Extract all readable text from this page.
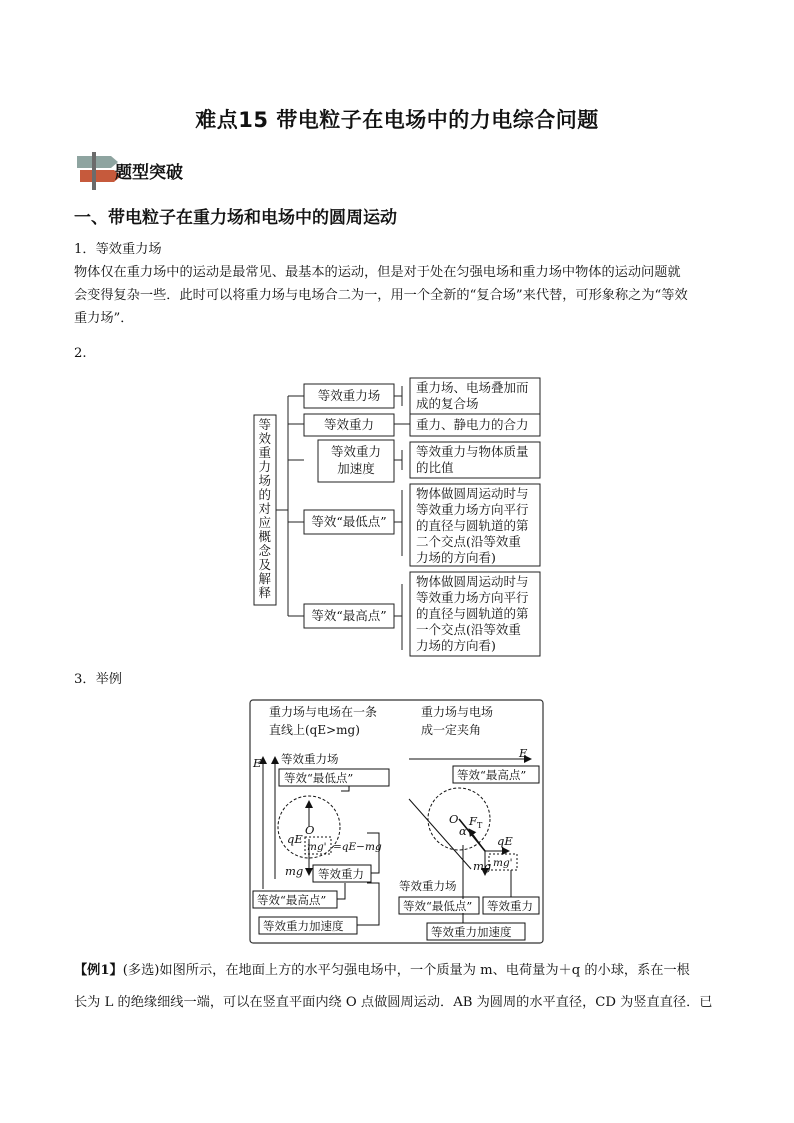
难点15 带电粒子在电场中的力电综合问题
题型突破
一、带电粒子在重力场和电场中的圆周运动
1．等效重力场
物体仅在重力场中的运动是最常见、最基本的运动，但是对于处在匀强电场和重力场中物体的运动问题就
会变得复杂一些．此时可以将重力场与电场合二为一，用一个全新的“复合场”来代替，可形象称之为“等效
重力场”．
2.
等
效
重
力
场
的
对
应
概
念
及
解
释
等效重力场
等效重力
等效重力
加速度
等效“最低点”
等效“最高点”
重力场、电场叠加而
成的复合场
重力、静电力的合力
等效重力与物体质量
的比值
物体做圆周运动时与
等效重力场方向平行
的直径与圆轨道的第
二个交点(沿等效重
力场的方向看)
物体做圆周运动时与
等效重力场方向平行
的直径与圆轨道的第
一个交点(沿等效重
力场的方向看)
3．举例
重力场与电场在一条
直线上(qE>mg)
重力场与电场
成一定夹角
E 等效重力场
等效“最低点”
O
qE
mg' =qE−mg
mg 等效重力
等效“最高点”
等效重力加速度
E
等效“最高点”
O F T
α
qE
mg'
mg
等效重力场
等效“最低点” 等效重力
等效重力加速度
【例1】(多选)如图所示，在地面上方的水平匀强电场中，一个质量为 m、电荷量为＋q 的小球，系在一根
长为 L 的绝缘细线一端，可以在竖直平面内绕 O 点做圆周运动．AB 为圆周的水平直径，CD 为竖直直径．已
